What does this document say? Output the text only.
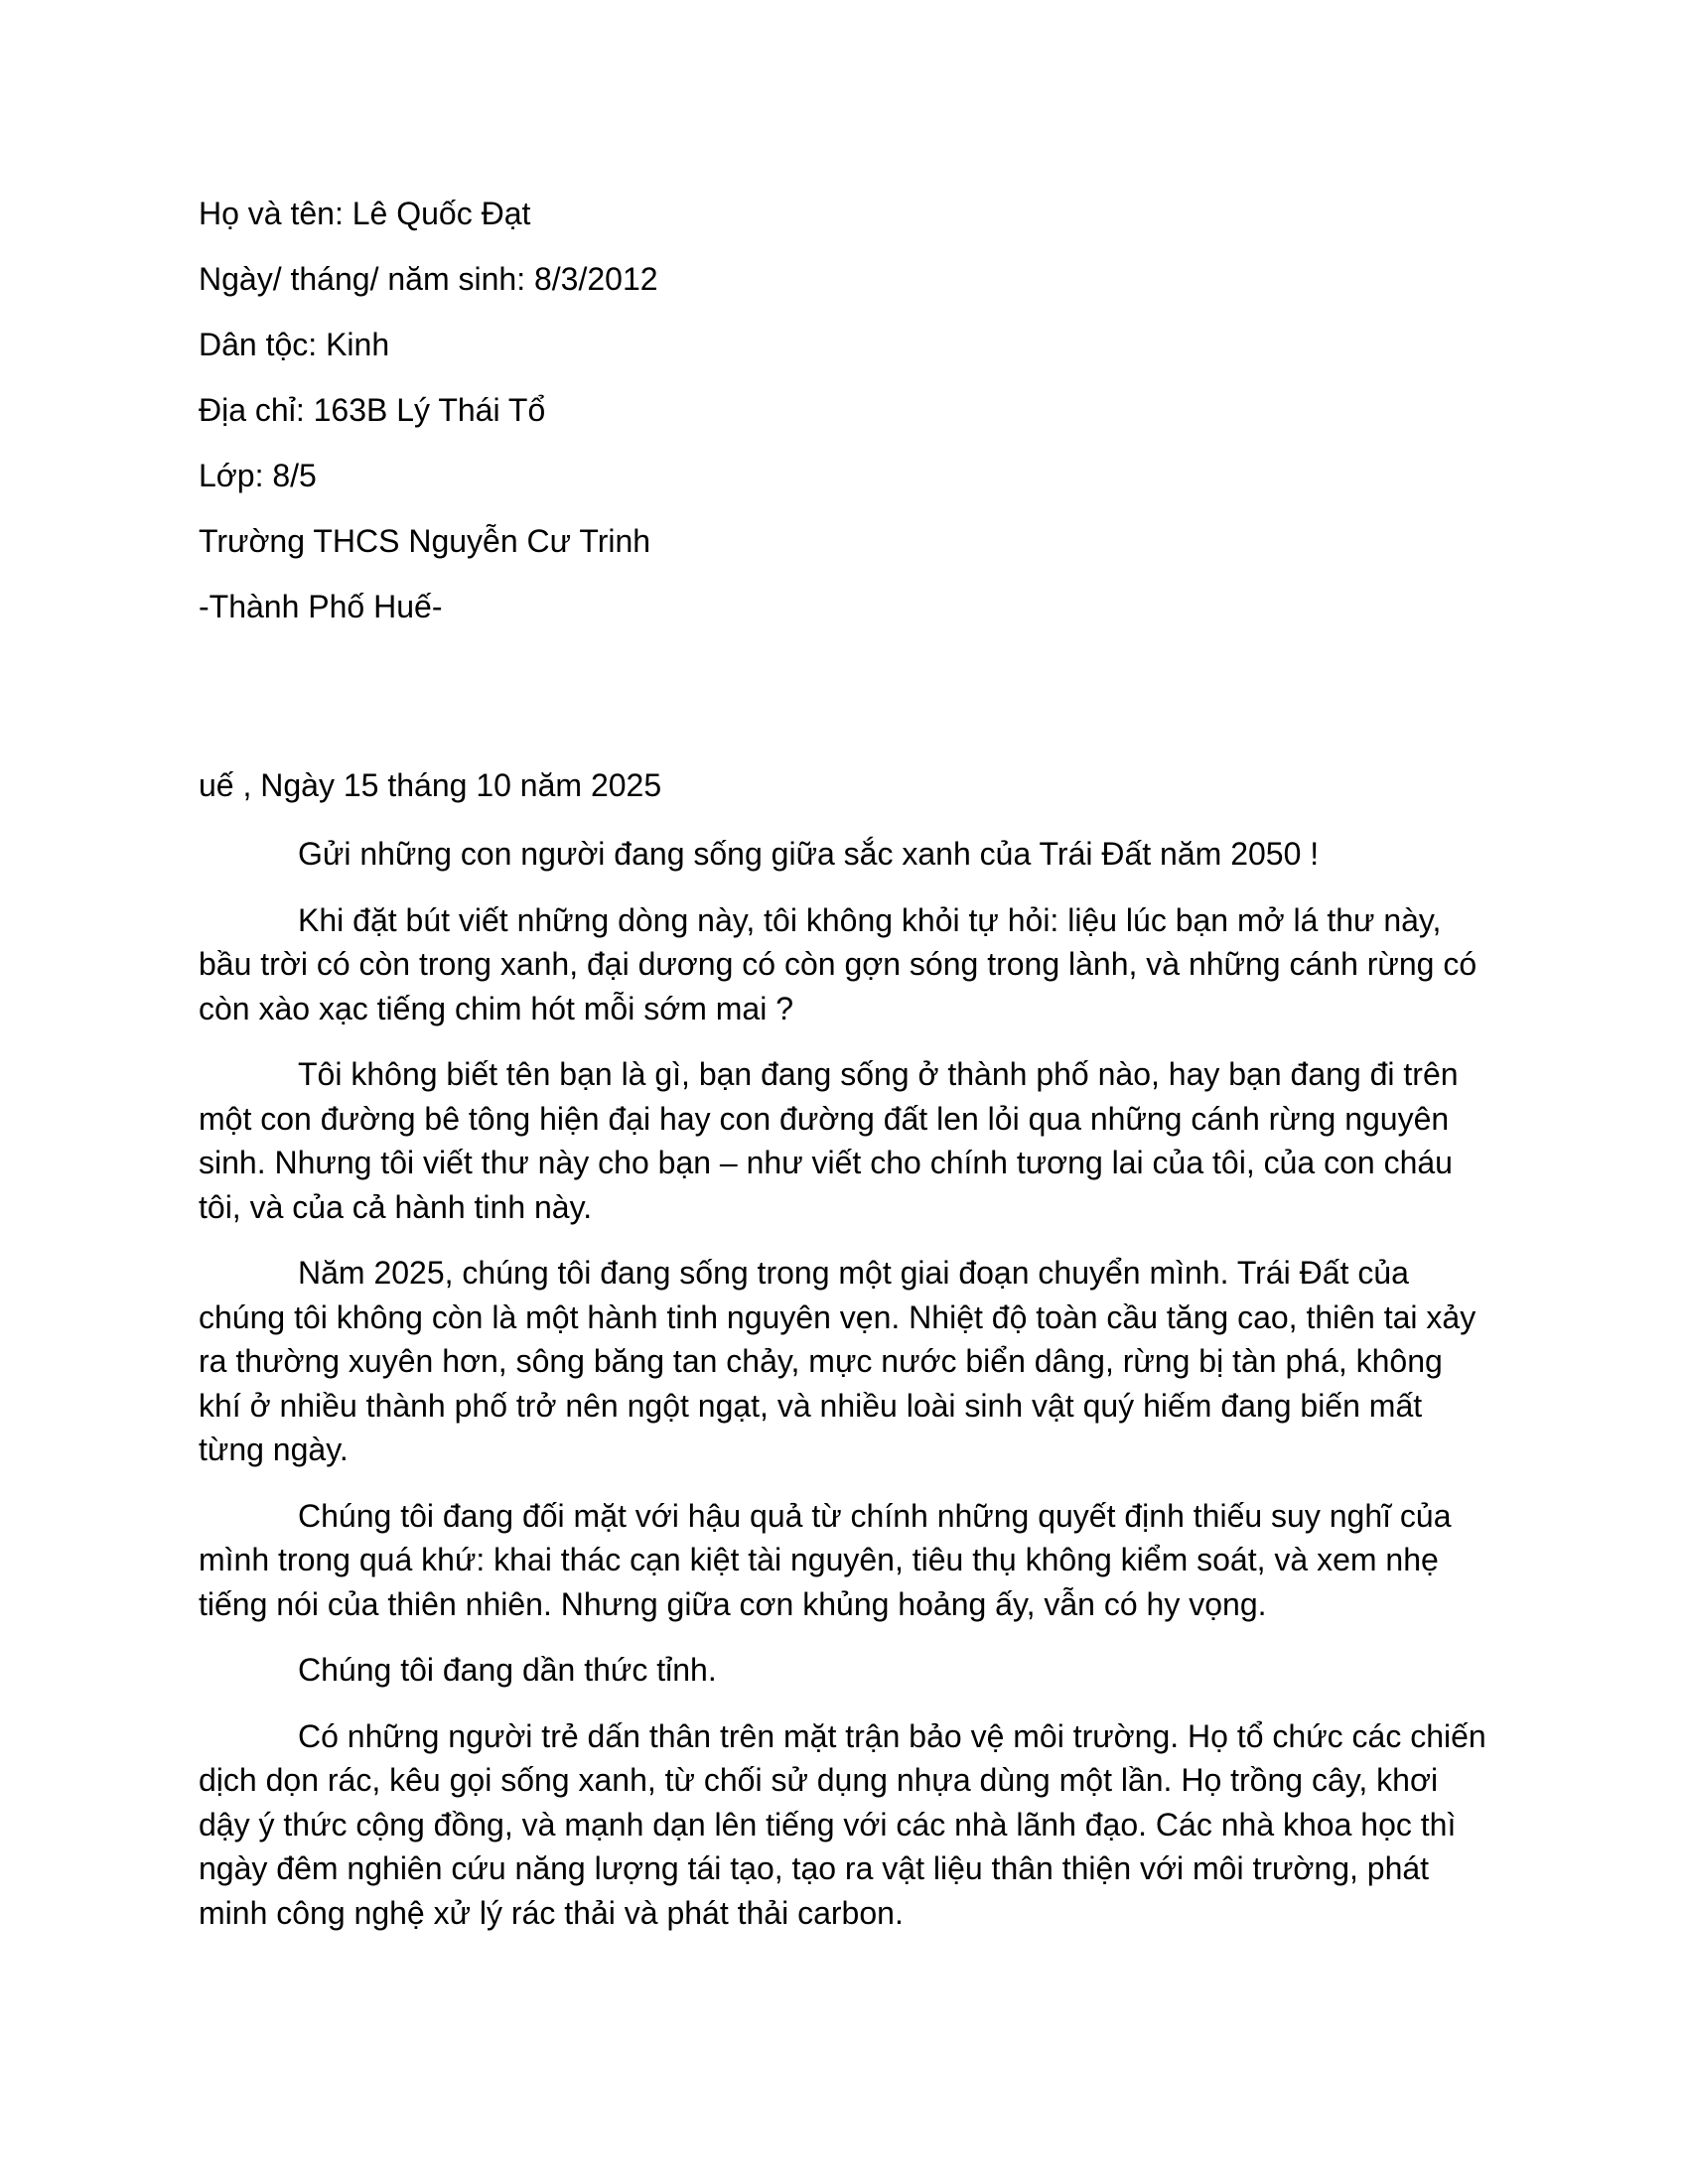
Họ và tên: Lê Quốc Đạt
Ngày/ tháng/ năm sinh: 8/3/2012
Dân tộc: Kinh
Địa chỉ: 163B Lý Thái Tổ
Lớp: 8/5
Trường THCS Nguyễn Cư Trinh
-Thành Phố Huế-
uế , Ngày 15 tháng 10 năm 2025

Gửi những con người đang sống giữa sắc xanh của Trái Đất năm 2050 !

Khi đặt bút viết những dòng này, tôi không khỏi tự hỏi: liệu lúc bạn mở lá thư này, bầu trời có còn trong xanh, đại dương có còn gợn sóng trong lành, và những cánh rừng có còn xào xạc tiếng chim hót mỗi sớm mai ?

Tôi không biết tên bạn là gì, bạn đang sống ở thành phố nào, hay bạn đang đi trên một con đường bê tông hiện đại hay con đường đất len lỏi qua những cánh rừng nguyên sinh. Nhưng tôi viết thư này cho bạn – như viết cho chính tương lai của tôi, của con cháu tôi, và của cả hành tinh này.

Năm 2025, chúng tôi đang sống trong một giai đoạn chuyển mình. Trái Đất của chúng tôi không còn là một hành tinh nguyên vẹn. Nhiệt độ toàn cầu tăng cao, thiên tai xảy ra thường xuyên hơn, sông băng tan chảy, mực nước biển dâng, rừng bị tàn phá, không khí ở nhiều thành phố trở nên ngột ngạt, và nhiều loài sinh vật quý hiếm đang biến mất từng ngày.

Chúng tôi đang đối mặt với hậu quả từ chính những quyết định thiếu suy nghĩ của mình trong quá khứ: khai thác cạn kiệt tài nguyên, tiêu thụ không kiểm soát, và xem nhẹ tiếng nói của thiên nhiên. Nhưng giữa cơn khủng hoảng ấy, vẫn có hy vọng.

Chúng tôi đang dần thức tỉnh.

Có những người trẻ dấn thân trên mặt trận bảo vệ môi trường. Họ tổ chức các chiến dịch dọn rác, kêu gọi sống xanh, từ chối sử dụng nhựa dùng một lần. Họ trồng cây, khơi dậy ý thức cộng đồng, và mạnh dạn lên tiếng với các nhà lãnh đạo. Các nhà khoa học thì ngày đêm nghiên cứu năng lượng tái tạo, tạo ra vật liệu thân thiện với môi trường, phát minh công nghệ xử lý rác thải và phát thải carbon.
